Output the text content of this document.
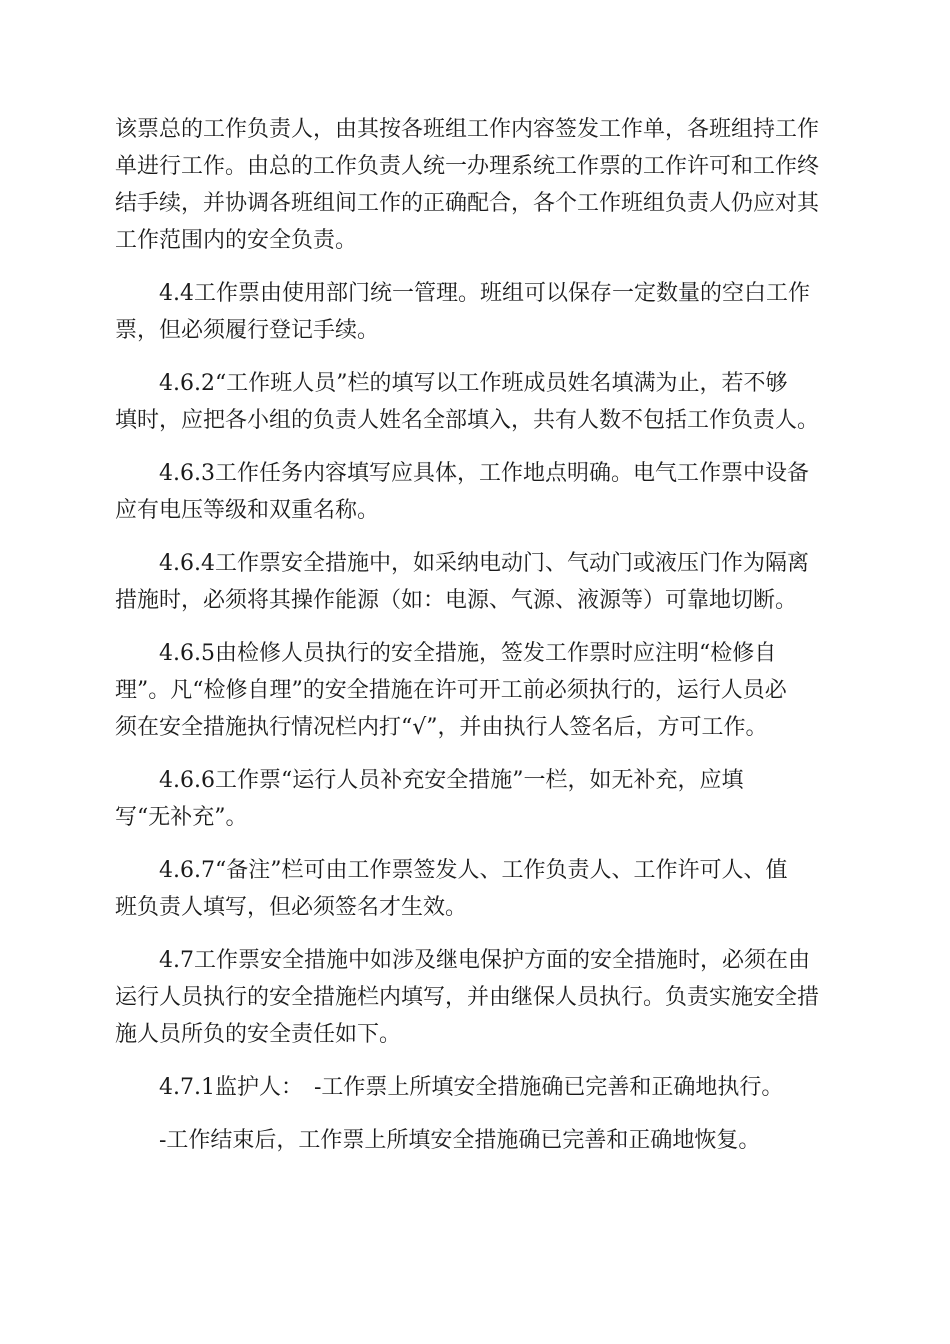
该票总的工作负责人，由其按各班组工作内容签发工作单，各班组持工作
单进行工作。由总的工作负责人统一办理系统工作票的工作许可和工作终
结手续，并协调各班组间工作的正确配合，各个工作班组负责人仍应对其
工作范围内的安全负责。

4.4工作票由使用部门统一管理。班组可以保存一定数量的空白工作
票，但必须履行登记手续。

4.6.2“工作班人员”栏的填写以工作班成员姓名填满为止，若不够
填时，应把各小组的负责人姓名全部填入，共有人数不包括工作负责人。

4.6.3工作任务内容填写应具体，工作地点明确。电气工作票中设备
应有电压等级和双重名称。

4.6.4工作票安全措施中，如采纳电动门、气动门或液压门作为隔离
措施时，必须将其操作能源（如：电源、气源、液源等）可靠地切断。

4.6.5由检修人员执行的安全措施，签发工作票时应注明“检修自
理”。凡“检修自理”的安全措施在许可开工前必须执行的，运行人员必
须在安全措施执行情况栏内打“√”，并由执行人签名后，方可工作。

4.6.6工作票“运行人员补充安全措施”一栏，如无补充，应填
写“无补充”。

4.6.7“备注”栏可由工作票签发人、工作负责人、工作许可人、值
班负责人填写，但必须签名才生效。

4.7工作票安全措施中如涉及继电保护方面的安全措施时，必须在由
运行人员执行的安全措施栏内填写，并由继保人员执行。负责实施安全措
施人员所负的安全责任如下。

4.7.1监护人：　-工作票上所填安全措施确已完善和正确地执行。

-工作结束后，工作票上所填安全措施确已完善和正确地恢复。
